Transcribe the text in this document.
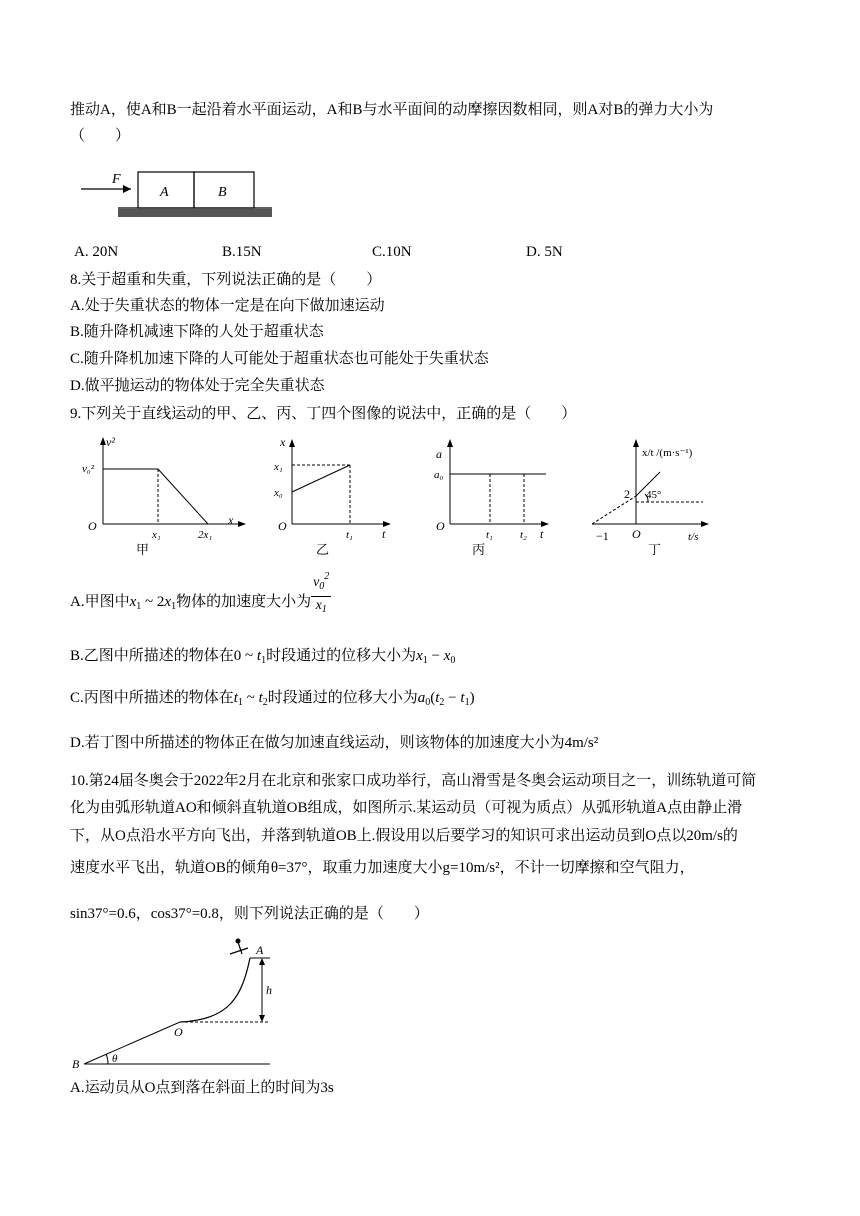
推动A，使A和B一起沿着水平面运动，A和B与水平面间的动摩擦因数相同，则A对B的弹力大小为
（　　）
F
A	B
A. 20N	B.15N	C.10N	D. 5N
8.关于超重和失重，下列说法正确的是（　　）
A.处于失重状态的物体一定是在向下做加速运动
B.随升降机减速下降的人处于超重状态
C.随升降机加速下降的人可能处于超重状态也可能处于失重状态
D.做平抛运动的物体处于完全失重状态
9.下列关于直线运动的甲、乙、丙、丁四个图像的说法中，正确的是（　　）
v²
v₀²
O
x₁	2x₁
x
甲
x
x₁
x₀
O
t₁ t
乙
a
a₀
O
t₁ t₂ t
丙
x/t /(m·s⁻¹)
2 45°
−1 O	t/s
丁
A.甲图中$x_1$ ~ $2x_1$物体的加速度大小为 $\frac{v_0^2}{x_1}$
B.乙图中所描述的物体在0 ~ $t_1$时段通过的位移大小为$x_1 - x_0$
C.丙图中所描述的物体在$t_1$ ~ $t_2$时段通过的位移大小为$a_0(t_2 - t_1)$
D.若丁图中所描述的物体正在做匀加速直线运动，则该物体的加速度大小为4m/s²
10.第24届冬奥会于2022年2月在北京和张家口成功举行，高山滑雪是冬奥会运动项目之一，训练轨道可简
化为由弧形轨道AO和倾斜直轨道OB组成，如图所示.某运动员（可视为质点）从弧形轨道A点由静止滑
下，从O点沿水平方向飞出，并落到轨道OB上.假设用以后要学习的知识可求出运动员到O点以20m/s的
速度水平飞出，轨道OB的倾角θ=37°，取重力加速度大小g=10m/s²，不计一切摩擦和空气阻力，
sin37°=0.6，cos37°=0.8，则下列说法正确的是（　　）
h
A
O
B	θ
A.运动员从O点到落在斜面上的时间为3s
